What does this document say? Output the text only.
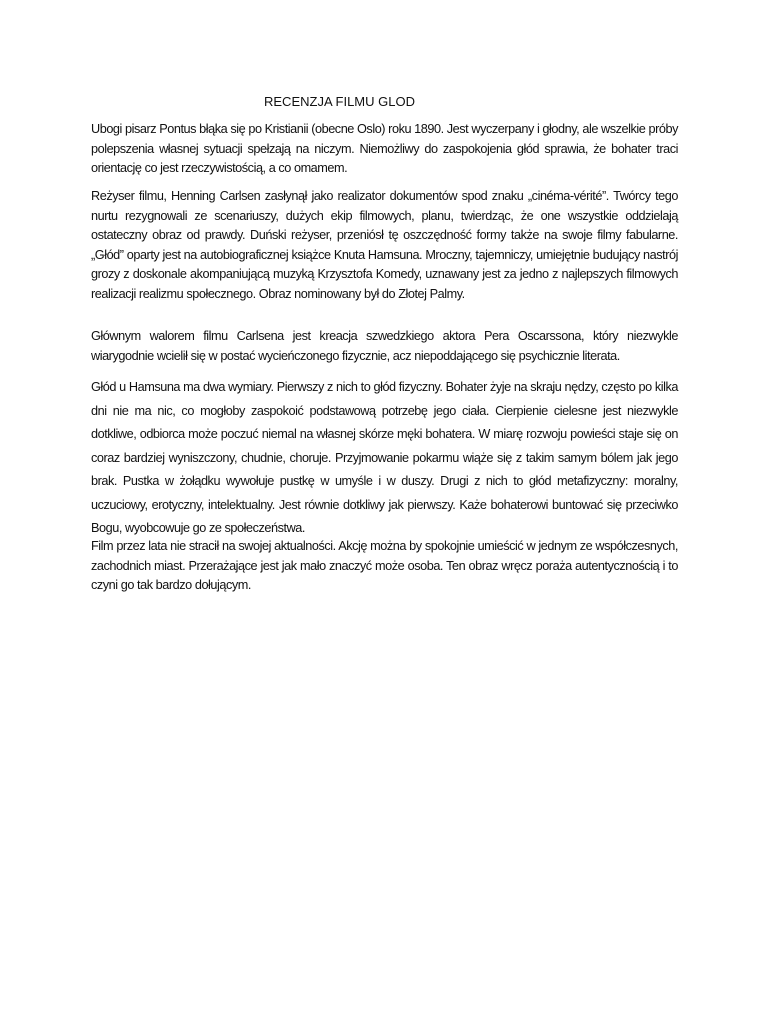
RECENZJA FILMU GLOD

Ubogi pisarz Pontus błąka się po Kristianii (obecne Oslo) roku 1890. Jest wyczerpany i głodny, ale wszelkie próby polepszenia własnej sytuacji spełzają na niczym. Niemożliwy do zaspokojenia głód sprawia, że bohater traci orientację co jest rzeczywistością, a co omamem.

Reżyser filmu, Henning Carlsen zasłynął jako realizator dokumentów spod znaku „cinéma-vérité”. Twórcy tego nurtu rezygnowali ze scenariuszy, dużych ekip filmowych, planu, twierdząc, że one wszystkie oddzielają ostateczny obraz od prawdy. Duński reżyser, przeniósł tę oszczędność formy także na swoje filmy fabularne. „Głód” oparty jest na autobiograficznej książce Knuta Hamsuna. Mroczny, tajemniczy, umiejętnie budujący nastrój grozy z doskonale akompaniującą muzyką Krzysztofa Komedy, uznawany jest za jedno z najlepszych filmowych realizacji realizmu społecznego. Obraz nominowany był do Złotej Palmy.

Głównym walorem filmu Carlsena jest kreacja szwedzkiego aktora Pera Oscarssona, który niezwykle wiarygodnie wcielił się w postać wycieńczonego fizycznie, acz niepoddającego się psychicznie literata.

Głód u Hamsuna ma dwa wymiary. Pierwszy z nich to głód fizyczny. Bohater żyje na skraju nędzy, często po kilka dni nie ma nic, co mogłoby zaspokoić podstawową potrzebę jego ciała. Cierpienie cielesne jest niezwykle dotkliwe, odbiorca może poczuć niemal na własnej skórze męki bohatera. W miarę rozwoju powieści staje się on coraz bardziej wyniszczony, chudnie, choruje. Przyjmowanie pokarmu wiąże się z takim samym bólem jak jego brak. Pustka w żołądku wywołuje pustkę w umyśle i w duszy. Drugi z nich to głód metafizyczny: moralny, uczuciowy, erotyczny, intelektualny. Jest równie dotkliwy jak pierwszy. Każe bohaterowi buntować się przeciwko Bogu, wyobcowuje go ze społeczeństwa.

Film przez lata nie stracił na swojej aktualności. Akcję można by spokojnie umieścić w jednym ze współczesnych, zachodnich miast. Przerażające jest jak mało znaczyć może osoba. Ten obraz wręcz poraża autentycznością i to czyni go tak bardzo dołującym.
